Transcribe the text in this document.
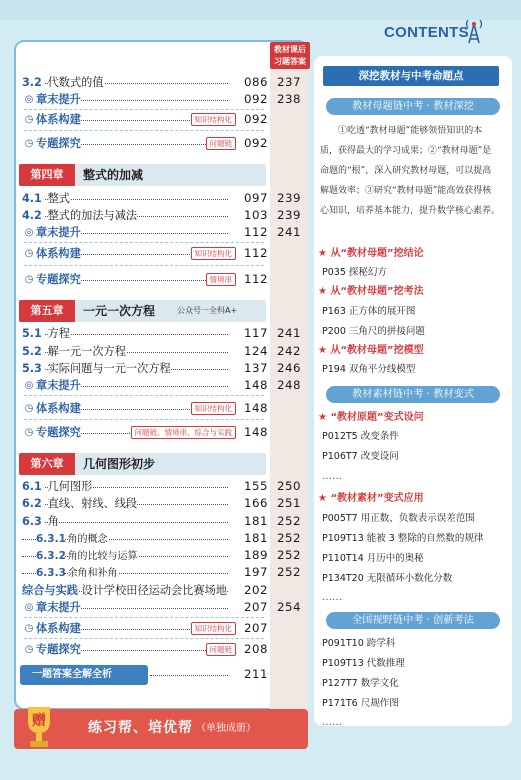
CONTENTS
教材课后
习题答案
3.2 代数式的值	086 237
◎ 章末提升	092 238
◷ 体系构建	知识结构化	092
◷ 专题探究	问题链	092
第四章	整式的加减
4.1 整式	097 239
4.2 整式的加法与减法	103 239
◎ 章末提升	112 241
◷ 体系构建	知识结构化	112
◷ 专题探究	情境串	112
第五章	一元一次方程	公众号一全科A+
5.1 方程	117 241
5.2 解一元一次方程	124 242
5.3 实际问题与一元一次方程	137 246
◎ 章末提升	148 248
◷ 体系构建	知识结构化	148
◷ 专题探究	问题链、情境串、综合与实践	148
第六章	几何图形初步
6.1 几何图形	155 250
6.2 直线、射线、线段	166 251
6.3 角	181 252
6.3.1 角的概念	181 252
6.3.2 角的比较与运算	189 252
6.3.3 余角和补角	197 252
综合与实践 设计学校田径运动会比赛场地 202
◎ 章末提升	207 254
◷ 体系构建	知识结构化	207
◷ 专题探究	问题链	208
一题答案全解全析	211
赠	练习帮、培优帮 （单独成册）
深挖教材与中考命题点
教材母题链中考 · 教材深挖
①吃透“教材母题”能够领悟知识的本质，获得最大的学习成果；②“教材母题”是命题的“根”，深入研究教材母题，可以提高解题效率；③研究“教材母题”能高效获得核心知识，培养基本能力，提升数学核心素养。
★ 从“教材母题”挖结论
P035 探秘幻方
★ 从“教材母题”挖考法
P163 正方体的展开图
P200 三角尺的拼接问题
★ 从“教材母题”挖模型
P194 双角平分线模型
教材素材链中考 · 教材变式
★ “教材原题”变式设问
P012T5 改变条件
P106T7 改变设问
……
★ “教材素材”变式应用
P005T7 用正数、负数表示误差范围
P109T13 能被 3 整除的自然数的规律
P110T14 月历中的奥秘
P134T20 无限循环小数化分数
……
全国视野链中考 · 创新考法
P091T10 跨学科
P109T13 代数推理
P127T7 数学文化
P171T6 尺规作图
……
